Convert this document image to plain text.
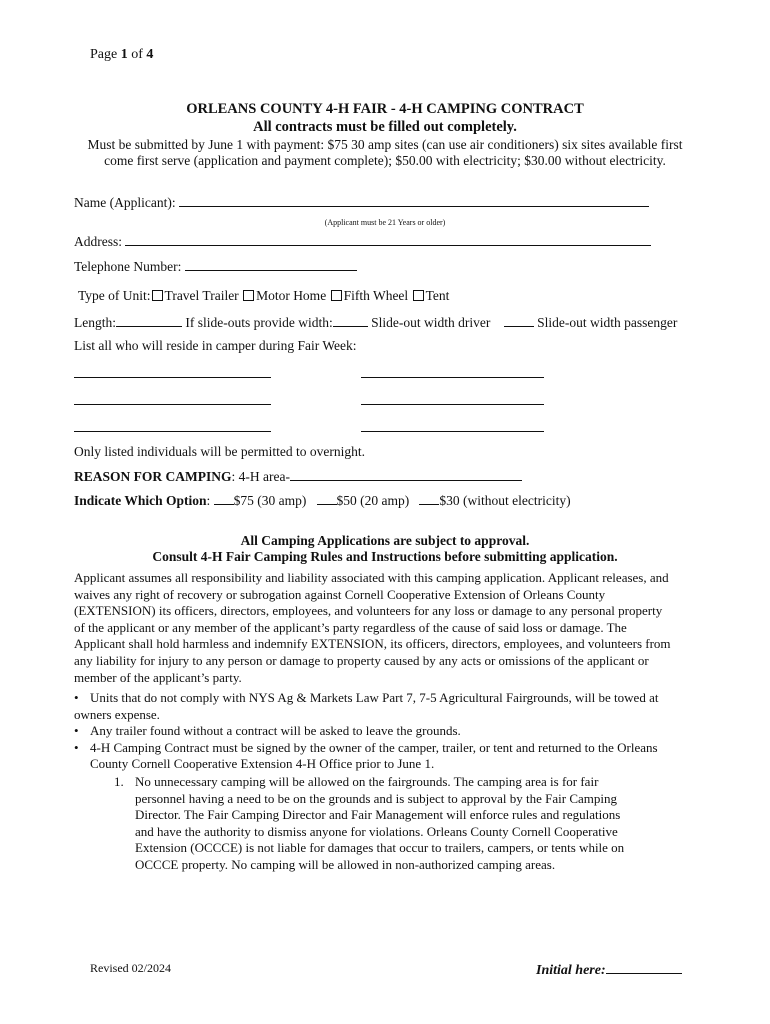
Page 1 of 4
ORLEANS COUNTY 4-H FAIR - 4-H CAMPING CONTRACT
All contracts must be filled out completely.
Must be submitted by June 1 with payment: $75 30 amp sites (can use air conditioners) six sites available first
come first serve (application and payment complete); $50.00 with electricity; $30.00 without electricity.
Name (Applicant):
(Applicant must be 21 Years or older)
Address:
Telephone Number:
Type of Unit: Travel Trailer Motor Home Fifth Wheel Tent
Length:	If slide-outs provide width:	Slide-out width driver	Slide-out width passenger
List all who will reside in camper during Fair Week:
Only listed individuals will be permitted to overnight.
REASON FOR CAMPING: 4-H area-
Indicate Which Option: $75 (30 amp) $50 (20 amp) $30 (without electricity)
All Camping Applications are subject to approval.
Consult 4-H Fair Camping Rules and Instructions before submitting application.
Applicant assumes all responsibility and liability associated with this camping application. Applicant releases, and
waives any right of recovery or subrogation against Cornell Cooperative Extension of Orleans County
(EXTENSION) its officers, directors, employees, and volunteers for any loss or damage to any personal property
of the applicant or any member of the applicant’s party regardless of the cause of said loss or damage. The
Applicant shall hold harmless and indemnify EXTENSION, its officers, directors, employees, and volunteers from
any liability for injury to any person or damage to property caused by any acts or omissions of the applicant or
member of the applicant’s party.
• Units that do not comply with NYS Ag & Markets Law Part 7, 7-5 Agricultural Fairgrounds, will be towed at
owners expense.
• Any trailer found without a contract will be asked to leave the grounds.
• 4-H Camping Contract must be signed by the owner of the camper, trailer, or tent and returned to the Orleans
County Cornell Cooperative Extension 4-H Office prior to June 1.
1. No unnecessary camping will be allowed on the fairgrounds. The camping area is for fair
personnel having a need to be on the grounds and is subject to approval by the Fair Camping
Director. The Fair Camping Director and Fair Management will enforce rules and regulations
and have the authority to dismiss anyone for violations. Orleans County Cornell Cooperative
Extension (OCCCE) is not liable for damages that occur to trailers, campers, or tents while on
OCCCE property. No camping will be allowed in non-authorized camping areas.
Revised 02/2024	Initial here:
